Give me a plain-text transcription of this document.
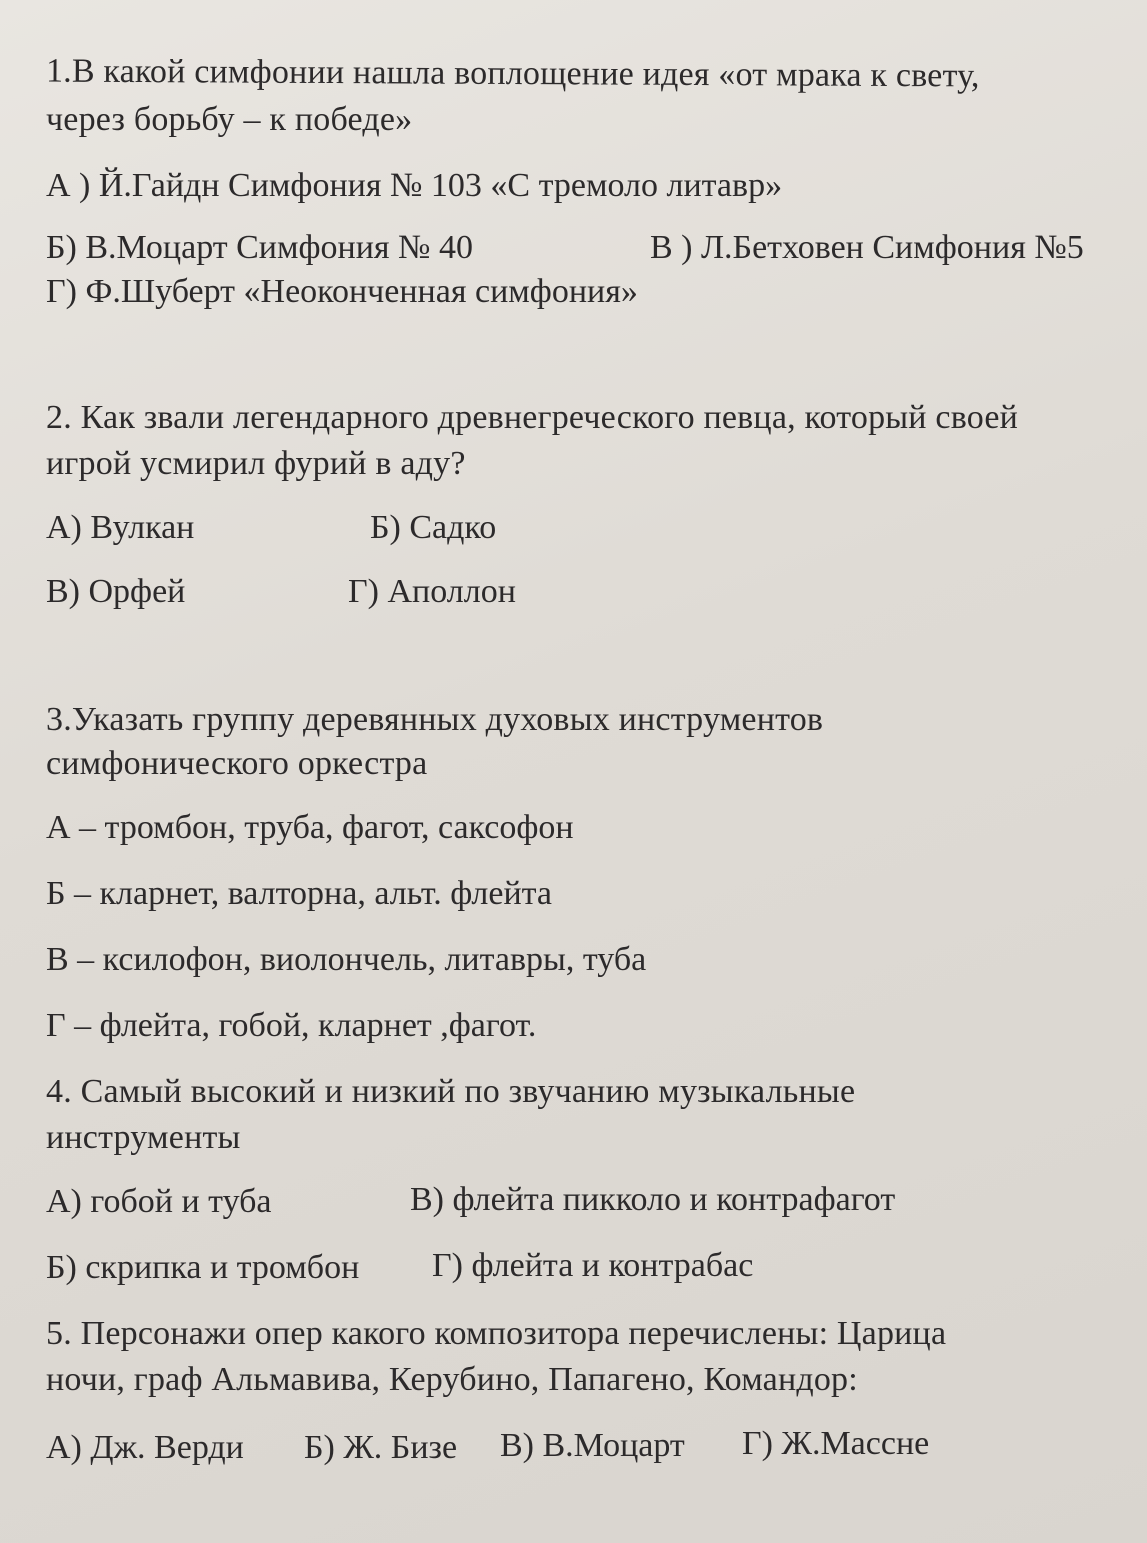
1.В какой симфонии нашла воплощение идея «от мрака к свету,
через борьбу – к победе»
А ) Й.Гайдн Симфония № 103 «С тремоло литавр»
Б) В.Моцарт Симфония № 40	В ) Л.Бетховен Симфония №5
Г) Ф.Шуберт «Неоконченная симфония»
2. Как звали легендарного древнегреческого певца, который своей
игрой усмирил фурий в аду?
А) Вулкан	Б) Садко
В) Орфей	Г) Аполлон
3.Указать группу деревянных духовых инструментов
симфонического оркестра
А – тромбон, труба, фагот, саксофон
Б – кларнет, валторна, альт. флейта
В – ксилофон, виолончель, литавры, туба
Г – флейта, гобой, кларнет ,фагот.
4. Самый высокий и низкий по звучанию музыкальные
инструменты
А) гобой и туба	В) флейта пикколо и контрафагот
Б) скрипка и тромбон Г) флейта и контрабас
5. Персонажи опер какого композитора перечислены: Царица
ночи, граф Альмавива, Керубино, Папагено, Командор:
А) Дж. Верди Б) Ж. Бизе В) В.Моцарт Г) Ж.Массне
